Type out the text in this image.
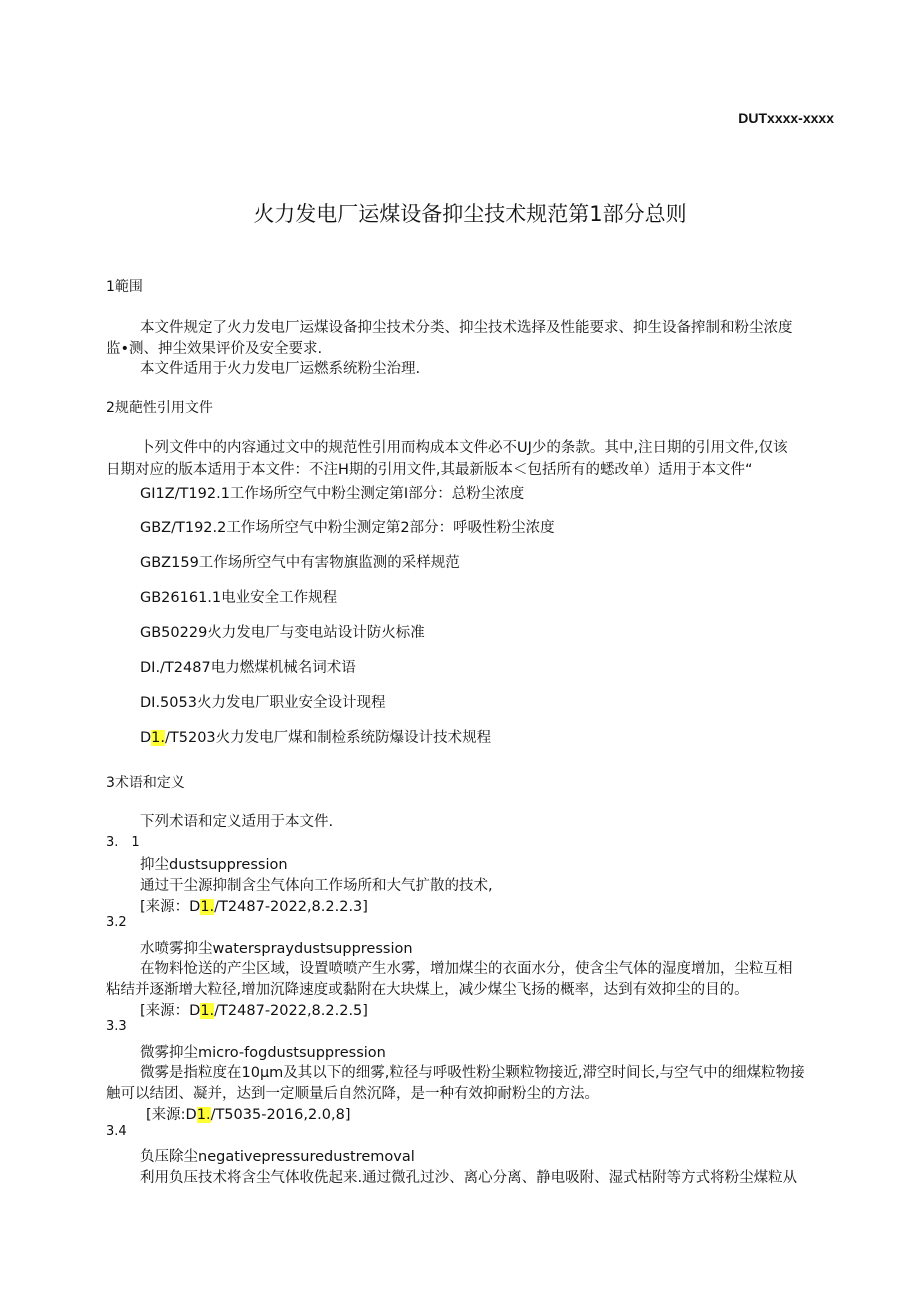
DUTxxxx-xxxx
火力发电厂运煤设备抑尘技术规范第1部分总则
1範围
本文件规定了火力发电厂运煤设备抑尘技术分类、抑尘技术选择及性能要求、抑生设备搾制和粉尘浓度
监•测、抻尘效果评价及安全要求.
本文件适用于火力发电厂运燃系统粉尘治理.
2规葩性引用文件
卜列文件中的内容通过文中的规范性引用而构成本文件必不UJ少的条款。其中,注日期的引用文件,仅该
日期对应的版本适用于本文件：不注H期的引用文件,其最新版本＜包括所有的蟋改单）适用于本文件“
GI1Z/T192.1工作场所空气中粉尘测定第I部分：总粉尘浓度
GBZ/T192.2工作场所空气中粉尘测定第2部分：呼吸性粉尘浓度
GBZ159工作场所空气中有害物旗监测的采样规范
GB26161.1电业安全工作规程
GB50229火力发电厂与变电站设计防火标准
DI./T2487电力燃煤机械名词术语
DI.5053火力发电厂职业安全设计现程
D1./T5203火力发电厂煤和制检系统防爆设计技术规程
3术语和定义
下列术语和定义适用于本文件.
3.　1
抑尘dustsuppression
通过干尘源抑制含尘气体向工作场所和大气扩散的技术,
[来源：D1./T2487-2022,8.2.2.3]
3.2
水喷雾抑尘waterspraydustsuppression
在物料怆送的产尘区域，设置喷喷产生水雾，增加煤尘的衣面水分，使含尘气体的湿度增加，尘粒互相
粘结并逐渐增大粒径,增加沉降速度或黏附在大块煤上，减少煤尘飞扬的概率，达到有效抑尘的目的。
[来源：D1./T2487-2022,8.2.2.5]
3.3
微雾抑尘micro-fogdustsuppression
微雾是指粒度在10μm及其以下的细雾,粒径与呼吸性粉尘颗粒物接近,滞空时间长,与空气中的细煤粒物接
触可以结团、凝并，达到一定顺量后自然沉降，是一种有效抑耐粉尘的方法。
[来源:D1./T5035-2016,2.0,8]
3.4
负压除尘negativepressuredustremoval
利用负压技术将含尘气体收侁起来.通过微孔过沙、离心分离、静电吸附、湿式枯附等方式将粉尘煤粒从
